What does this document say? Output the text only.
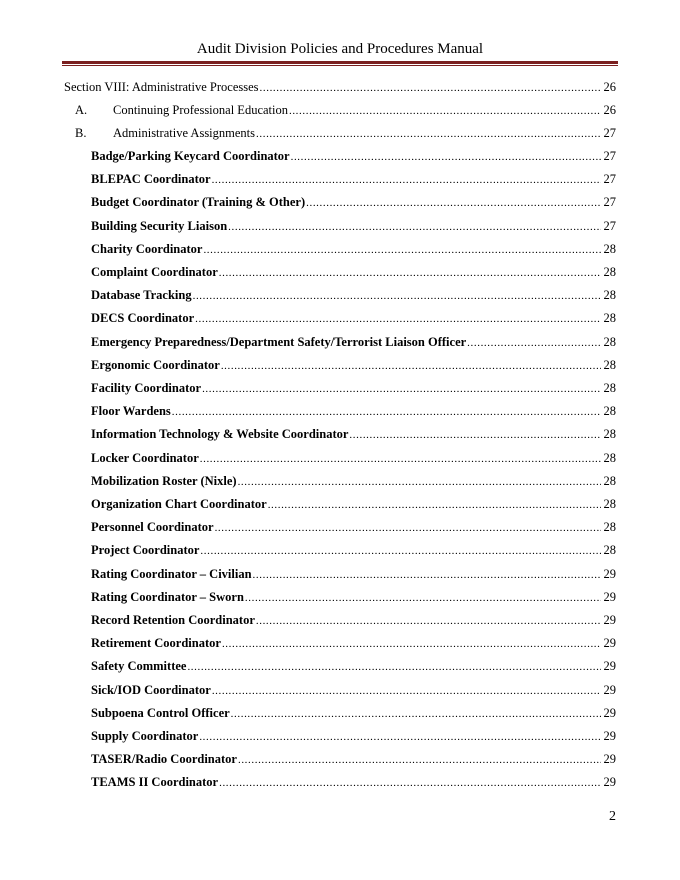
Audit Division Policies and Procedures Manual
Section VIII: Administrative Processes .....	26
A.	Continuing Professional Education .....	26
B.	Administrative Assignments .....	27
Badge/Parking Keycard Coordinator .....	27
BLEPAC Coordinator .....	27
Budget Coordinator (Training & Other) .....	27
Building Security Liaison .....	27
Charity Coordinator .....	28
Complaint Coordinator .....	28
Database Tracking .....	28
DECS Coordinator .....	28
Emergency Preparedness/Department Safety/Terrorist Liaison Officer .....	28
Ergonomic Coordinator .....	28
Facility Coordinator .....	28
Floor Wardens .....	28
Information Technology & Website Coordinator .....	28
Locker Coordinator .....	28
Mobilization Roster (Nixle) .....	28
Organization Chart Coordinator .....	28
Personnel Coordinator .....	28
Project Coordinator .....	28
Rating Coordinator – Civilian .....	29
Rating Coordinator – Sworn .....	29
Record Retention Coordinator .....	29
Retirement Coordinator .....	29
Safety Committee .....	29
Sick/IOD Coordinator .....	29
Subpoena Control Officer .....	29
Supply Coordinator .....	29
TASER/Radio Coordinator .....	29
TEAMS II Coordinator .....	29
2
